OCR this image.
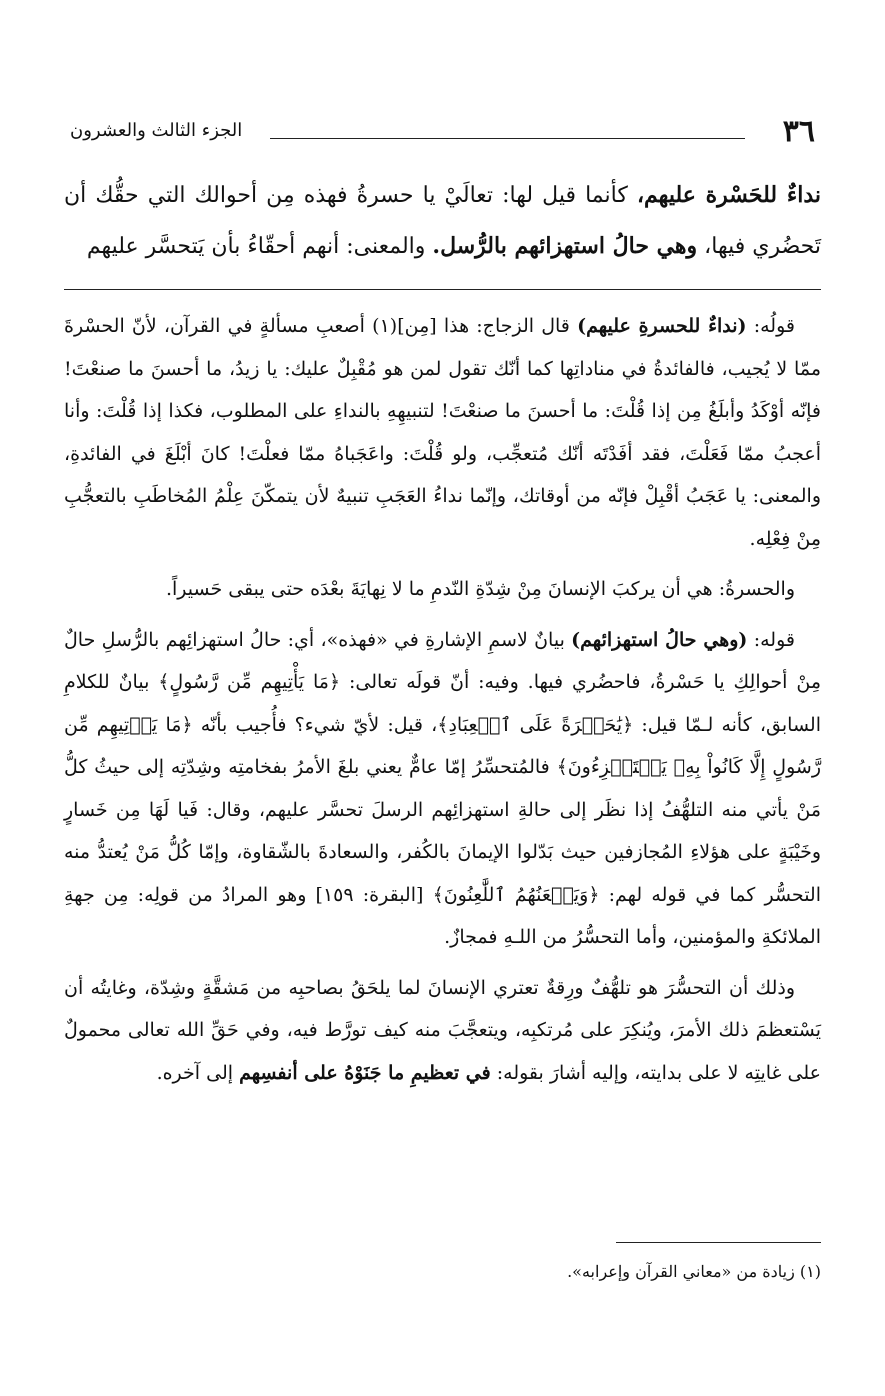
٣٦
الجزء الثالث والعشرون

نداءٌ للحَسْرة عليهم، كأنما قيل لها: تعالَيْ يا حسرةُ فهذه مِن أحوالك التي حقُّك أن تَحضُري فيها، وهي حالُ استهزائهم بالرُّسل. والمعنى: أنهم أحقّاءُ بأن يَتحسَّر عليهم

قولُه: (نداءٌ للحسرةِ عليهم) قال الزجاج: هذا [مِن](١) أصعبِ مسألةٍ في القرآن، لأنّ الحسْرةَ ممّا لا يُجيب، فالفائدةُ في مناداتِها كما أنّك تقول لمن هو مُقْبِلٌ عليك: يا زيدُ، ما أحسنَ ما صنعْتَ! فإنّه أوْكَدُ وأبلَغُ مِن إذا قُلْتَ: ما أحسنَ ما صنعْتَ! لتنبيهِهِ بالنداءِ على المطلوب، فكذا إذا قُلْتَ: وأنا أعجبُ ممّا فَعَلْتَ، فقد أفَدْتَه أنّك مُتعجِّب، ولو قُلْتَ: واعَجَباهُ ممّا فعلْتَ! كانَ أبْلَغَ في الفائدةِ، والمعنى: يا عَجَبُ أقْبِلْ فإنّه من أوقاتك، وإنّما نداءُ العَجَبِ تنبيهٌ لأن يتمكّنَ عِلْمُ المُخاطَبِ بالتعجُّبِ مِنْ فِعْلِه.

والحسرةُ: هي أن يركبَ الإنسانَ مِنْ شِدّةِ النّدمِ ما لا نِهايَةَ بعْدَه حتى يبقى حَسيراً.

قوله: (وهي حالُ استهزائهم) بيانٌ لاسمِ الإشارةِ في «فهذه»، أي: حالُ استهزائِهم بالرُّسلِ حالٌ مِنْ أحوالِكِ يا حَسْرةُ، فاحضُري فيها. وفيه: أنّ قولَه تعالى: ﴿مَا يَأْتِيهِم مِّن رَّسُولٍ﴾ بيانٌ للكلامِ السابق، كأنه لـمّا قيل: ﴿يَٰحَسۡرَةً عَلَى ٱلۡعِبَادِ﴾، قيل: لأيّ شيء؟ فأُجيب بأنّه ﴿مَا يَأۡتِيهِم مِّن رَّسُولٍ إِلَّا كَانُواْ بِهِۦ يَسۡتَهۡزِءُونَ﴾ فالمُتحسِّرُ إمّا عامٌّ يعني بلغَ الأمرُ بفخامتِه وشِدّتِه إلى حيثُ كلُّ مَنْ يأتي منه التلهُّفُ إذا نظَر إلى حالةِ استهزائِهم الرسلَ تحسَّر عليهم، وقال: فَيا لَهَا مِن خَسارٍ وخَيْبَةٍ على هؤلاءِ المُجازفين حيث بَدّلوا الإيمانَ بالكُفر، والسعادةَ بالشّقاوة، وإمّا كُلُّ مَنْ يُعتدُّ منه التحسُّر كما في قوله لهم: ﴿وَيَلۡعَنُهُمُ ٱللَّٰعِنُونَ﴾ [البقرة: ١٥٩] وهو المرادُ من قولِه: مِن جهةِ الملائكةِ والمؤمنين، وأما التحسُّرُ من اللـهِ فمجازٌ.

وذلك أن التحسُّرَ هو تلهُّفٌ ورِقةٌ تعتري الإنسانَ لما يلحَقُ بصاحبِه من مَشقَّةٍ وشِدّة، وغايتُه أن يَسْتعظمَ ذلك الأمرَ، ويُنكِرَ على مُرتكبِه، ويتعجَّبَ منه كيف تورَّط فيه، وفي حَقِّ الله تعالى محمولٌ على غايتِه لا على بدايته، وإليه أشارَ بقوله: في تعظيمِ ما جَنَوْهُ على أنفسِهم إلى آخره.

(١) زيادة من «معاني القرآن وإعرابه».
